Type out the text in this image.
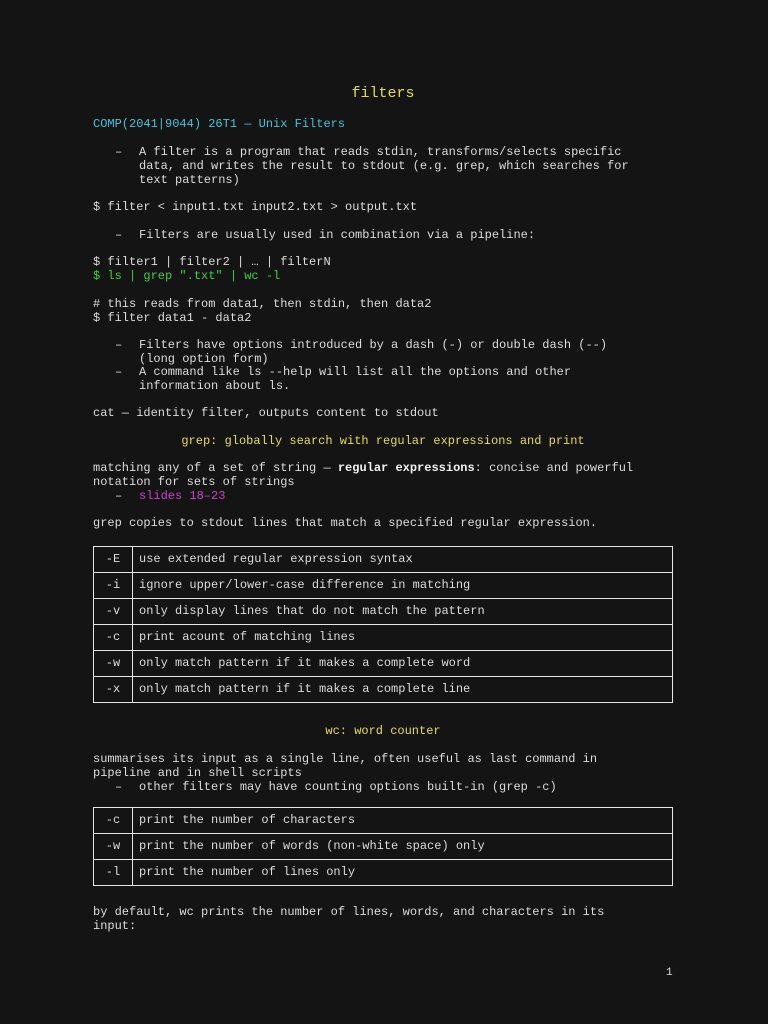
filters
COMP(2041|9044) 26T1 — Unix Filters
– A filter is a program that reads stdin, transforms/selects specific
data, and writes the result to stdout (e.g. grep, which searches for
text patterns)
$ filter < input1.txt input2.txt > output.txt
– Filters are usually used in combination via a pipeline:
$ filter1 | filter2 | … | filterN
$ ls | grep ".txt" | wc -l
# this reads from data1, then stdin, then data2
$ filter data1 - data2
– Filters have options introduced by a dash (-) or double dash (--)
(long option form)
– A command like ls --help will list all the options and other
information about ls.
cat — identity filter, outputs content to stdout
grep: globally search with regular expressions and print
matching any of a set of string — regular expressions: concise and powerful
notation for sets of strings
– slides 18–23
grep copies to stdout lines that match a specified regular expression.
-E	use extended regular expression syntax
-i	ignore upper/lower-case difference in matching
-v	only display lines that do not match the pattern
-c	print acount of matching lines
-w	only match pattern if it makes a complete word
-x	only match pattern if it makes a complete line
wc: word counter
summarises its input as a single line, often useful as last command in
pipeline and in shell scripts
– other filters may have counting options built-in (grep -c)
-c	print the number of characters
-w	print the number of words (non-white space) only
-l	print the number of lines only
by default, wc prints the number of lines, words, and characters in its
input:
1
